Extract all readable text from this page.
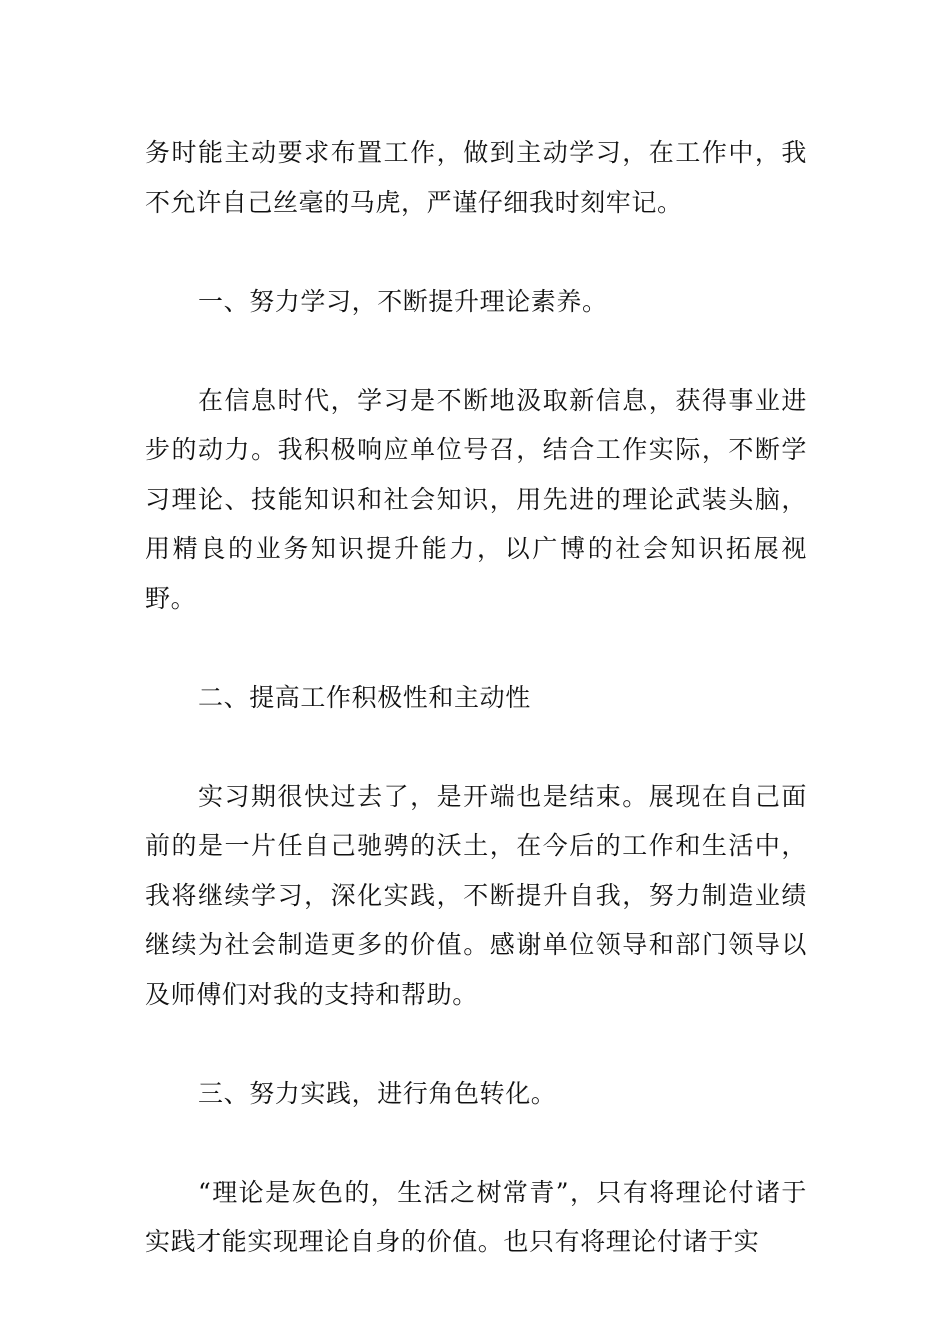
务时能主动要求布置工作，做到主动学习，在工作中，我不允许自己丝毫的马虎，严谨仔细我时刻牢记。

一、努力学习，不断提升理论素养。

在信息时代，学习是不断地汲取新信息，获得事业进步的动力。我积极响应单位号召，结合工作实际，不断学习理论、技能知识和社会知识，用先进的理论武装头脑，用精良的业务知识提升能力，以广博的社会知识拓展视野。

二、提高工作积极性和主动性

实习期很快过去了，是开端也是结束。展现在自己面前的是一片任自己驰骋的沃土，在今后的工作和生活中，我将继续学习，深化实践，不断提升自我，努力制造业绩继续为社会制造更多的价值。感谢单位领导和部门领导以及师傅们对我的支持和帮助。

三、努力实践，进行角色转化。

“理论是灰色的，生活之树常青”，只有将理论付诸于实践才能实现理论自身的价值。也只有将理论付诸于实
